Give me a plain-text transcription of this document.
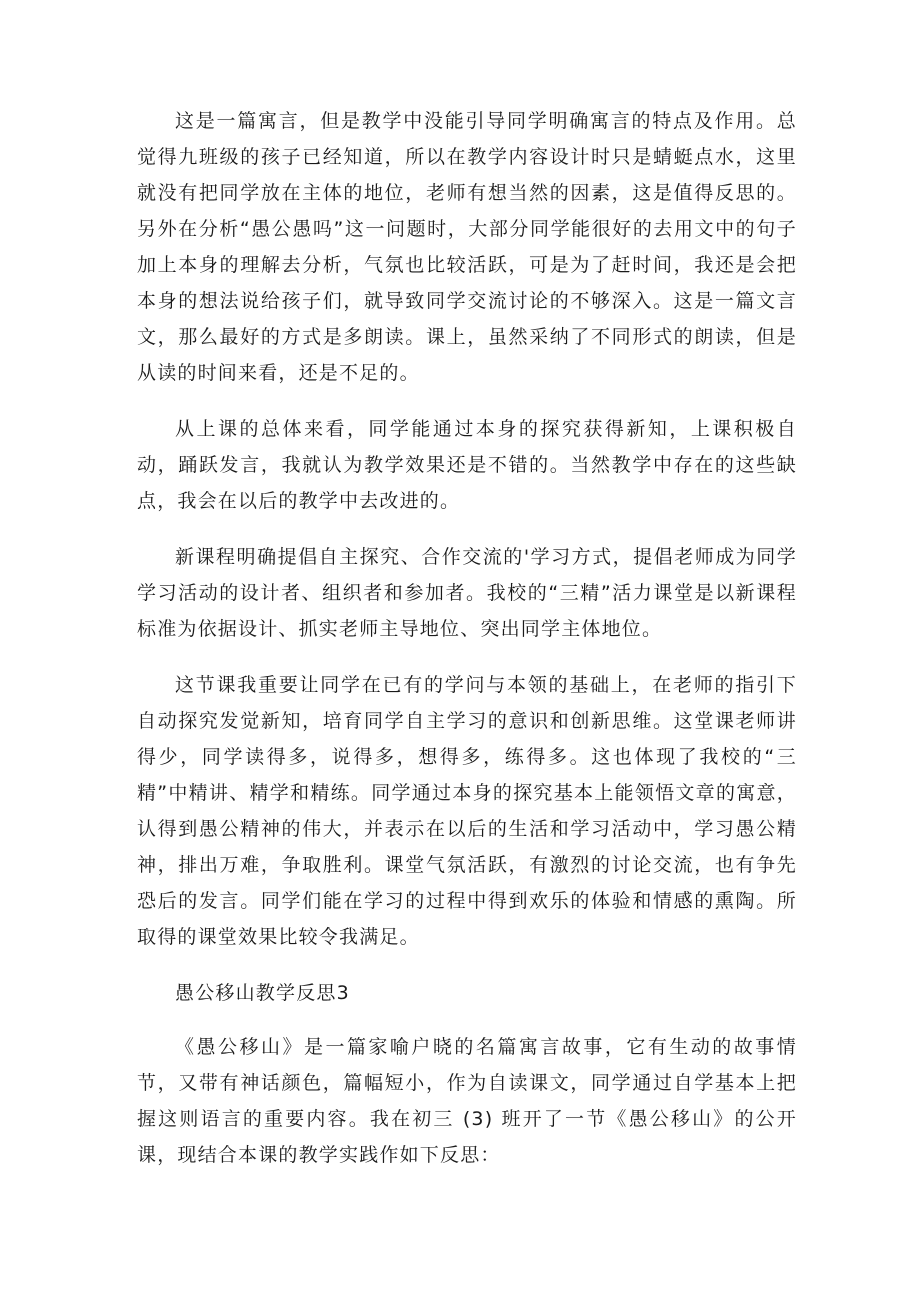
这是一篇寓言，但是教学中没能引导同学明确寓言的特点及作用。总觉得九班级的孩子已经知道，所以在教学内容设计时只是蜻蜓点水，这里就没有把同学放在主体的地位，老师有想当然的因素，这是值得反思的。另外在分析“愚公愚吗”这一问题时，大部分同学能很好的去用文中的句子加上本身的理解去分析，气氛也比较活跃，可是为了赶时间，我还是会把本身的想法说给孩子们，就导致同学交流讨论的不够深入。这是一篇文言文，那么最好的方式是多朗读。课上，虽然采纳了不同形式的朗读，但是从读的时间来看，还是不足的。

从上课的总体来看，同学能通过本身的探究获得新知，上课积极自动，踊跃发言，我就认为教学效果还是不错的。当然教学中存在的这些缺点，我会在以后的教学中去改进的。

新课程明确提倡自主探究、合作交流的'学习方式，提倡老师成为同学学习活动的设计者、组织者和参加者。我校的“三精”活力课堂是以新课程标准为依据设计、抓实老师主导地位、突出同学主体地位。

这节课我重要让同学在已有的学问与本领的基础上，在老师的指引下自动探究发觉新知，培育同学自主学习的意识和创新思维。这堂课老师讲得少，同学读得多，说得多，想得多，练得多。这也体现了我校的“三精”中精讲、精学和精练。同学通过本身的探究基本上能领悟文章的寓意，认得到愚公精神的伟大，并表示在以后的生活和学习活动中，学习愚公精神，排出万难，争取胜利。课堂气氛活跃，有激烈的讨论交流，也有争先恐后的发言。同学们能在学习的过程中得到欢乐的体验和情感的熏陶。所取得的课堂效果比较令我满足。

愚公移山教学反思3

《愚公移山》是一篇家喻户晓的名篇寓言故事，它有生动的故事情节，又带有神话颜色，篇幅短小，作为自读课文，同学通过自学基本上把握这则语言的重要内容。我在初三 (3) 班开了一节《愚公移山》的公开课，现结合本课的教学实践作如下反思：
